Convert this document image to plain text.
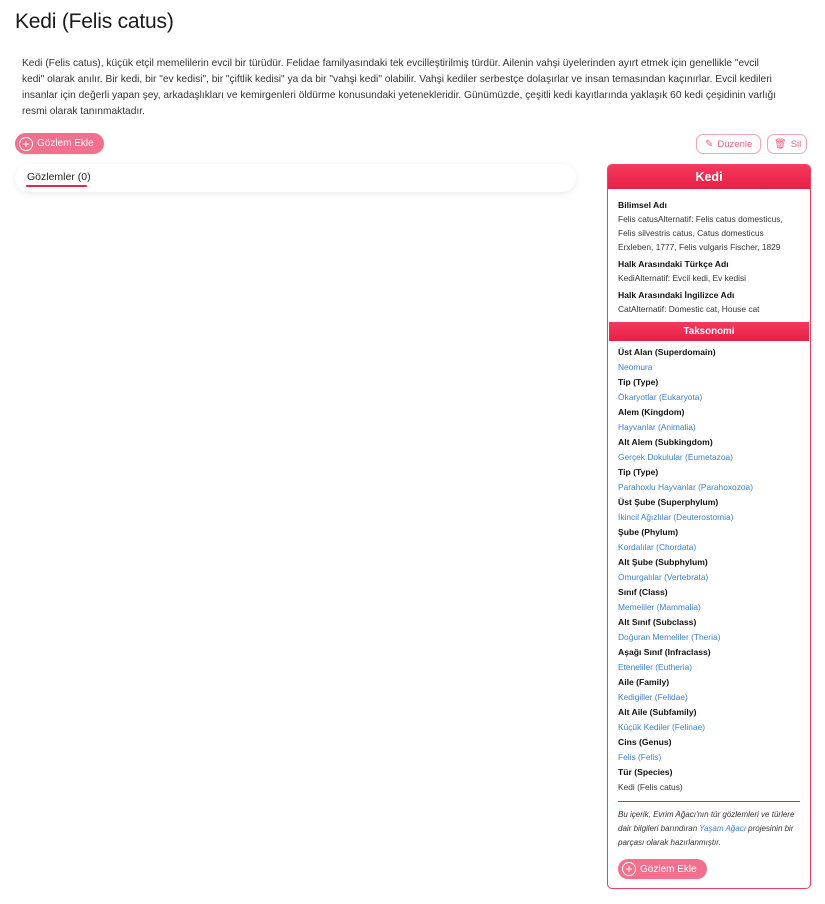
Kedi (Felis catus)

Kedi (Felis catus), küçük etçil memelilerin evcil bir türüdür. Felidae familyasındaki tek evcilleştirilmiş türdür. Ailenin vahşi üyelerinden ayırt etmek için genellikle "evcil kedi" olarak anılır. Bir kedi, bir "ev kedisi", bir "çiftlik kedisi" ya da bir "vahşi kedi" olabilir. Vahşi kediler serbestçe dolaşırlar ve insan temasından kaçınırlar. Evcil kedileri insanlar için değerli yapan şey, arkadaşlıkları ve kemirgenleri öldürme konusundaki yetenekleridir. Günümüzde, çeşitli kedi kayıtlarında yaklaşık 60 kedi çeşidinin varlığı resmi olarak tanınmaktadır.

+ Gözlem Ekle	✎ Düzenle 🗑 Sil
Gözlemler (0)	Kedi
Bilimsel Adı
Felis catusAlternatif: Felis catus domesticus, Felis silvestris catus, Catus domesticus Erxleben, 1777, Felis vulgaris Fischer, 1829
Halk Arasındaki Türkçe Adı
KediAlternatif: Evcil kedi, Ev kedisi
Halk Arasındaki İngilizce Adı
CatAlternatif: Domestic cat, House cat
Taksonomi
Üst Alan (Superdomain)
Neomura
Tip (Type)
Ökaryotlar (Eukaryota)
Alem (Kingdom)
Hayvanlar (Animalia)
Alt Alem (Subkingdom)
Gerçek Dokulular (Eumetazoa)
Tip (Type)
Parahoxlu Hayvanlar (Parahoxozoa)
Üst Şube (Superphylum)
İkincil Ağızlılar (Deuterostomia)
Şube (Phylum)
Kordalılar (Chordata)
Alt Şube (Subphylum)
Omurgalılar (Vertebrata)
Sınıf (Class)
Memeliler (Mammalia)
Alt Sınıf (Subclass)
Doğuran Memeliler (Theria)
Aşağı Sınıf (Infraclass)
Eteneliler (Eutheria)
Aile (Family)
Kedigiller (Felidae)
Alt Aile (Subfamily)
Küçük Kediler (Felinae)
Cins (Genus)
Felis (Felis)
Tür (Species)
Kedi (Felis catus)
Bu içerik, Evrim Ağacı'nın tür gözlemleri ve türlere dair bilgileri barındıran Yaşam Ağacı projesinin bir parçası olarak hazırlanmıştır.
+ Gözlem Ekle
